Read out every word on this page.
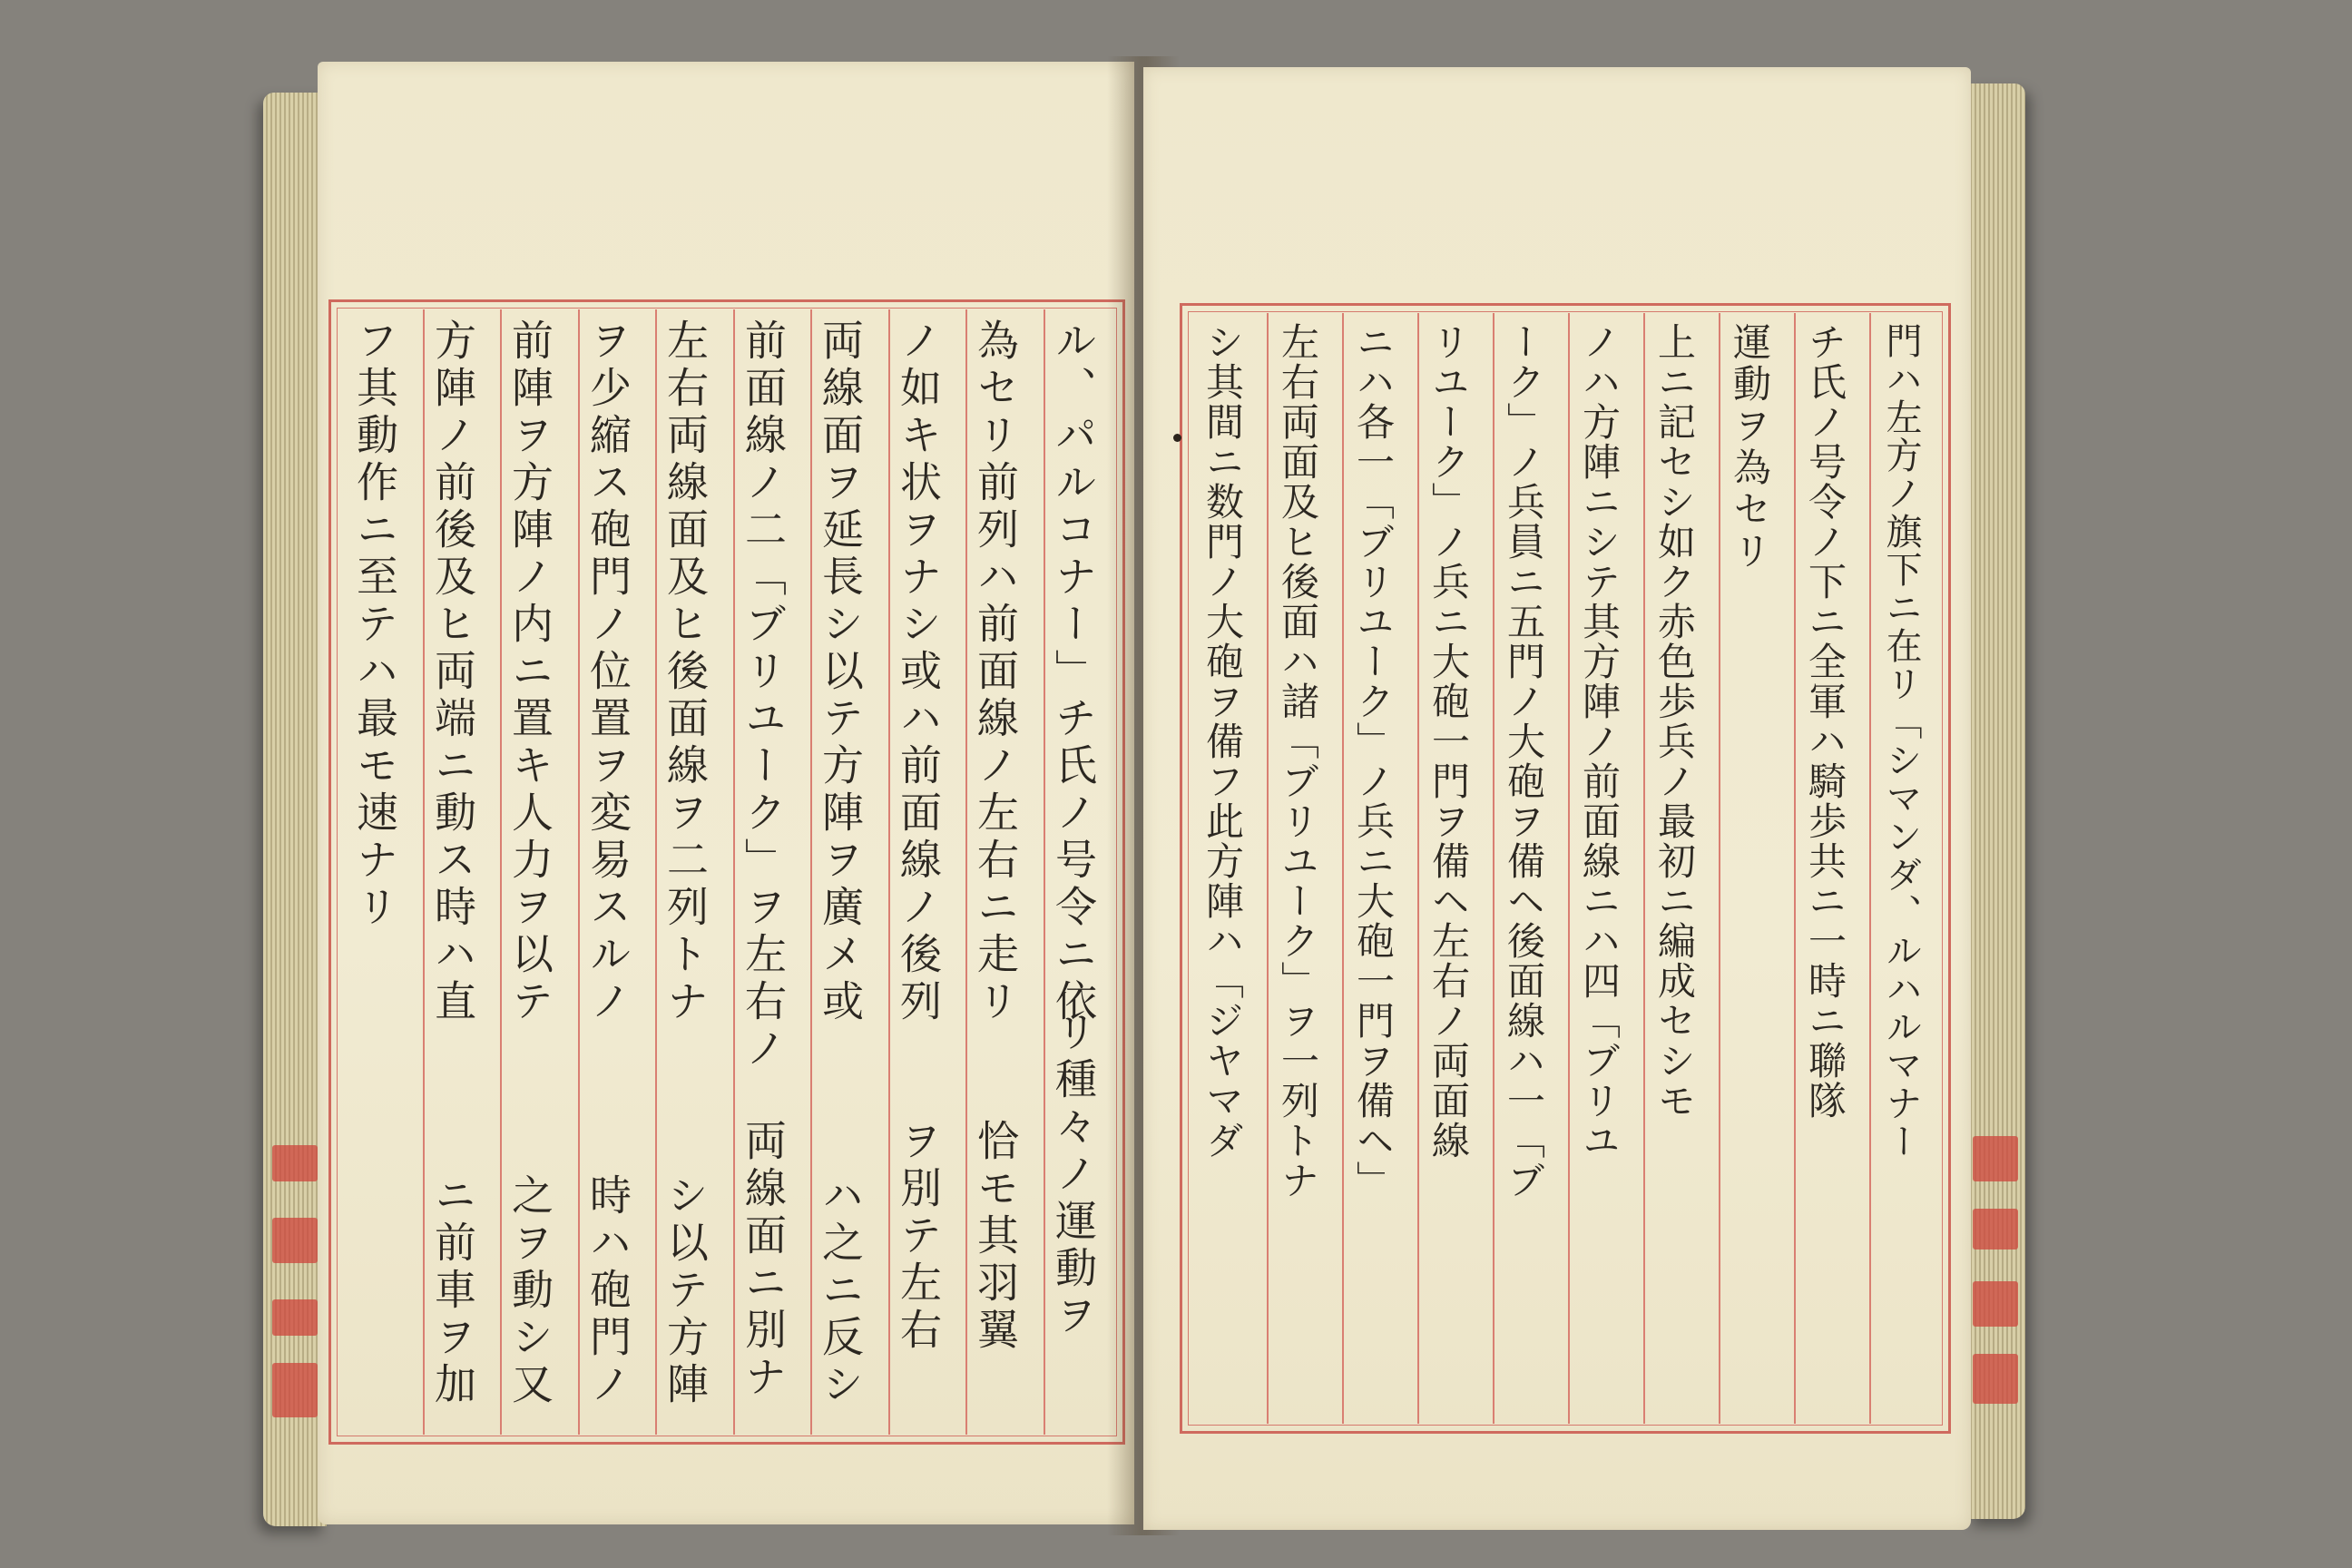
ル、パルコナー」チ氏ノ号令ニ依
為セリ前列ハ前面線ノ左右ニ走リ
ノ如キ状ヲナシ或ハ前面線ノ後列
両線面ヲ延長シ以テ方陣ヲ廣メ或
前面線ノ二「ブリユーク」ヲ左右ノ
左右両線面及ヒ後面線ヲ二列トナ
ヲ少縮ス砲門ノ位置ヲ変易スルノ
前陣ヲ方陣ノ内ニ置キ人力ヲ以テ
方陣ノ前後及ヒ両端ニ動ス時ハ直
フ其動作ニ至テハ最モ速ナリ
リ種々ノ運動ヲ
恰モ其羽翼
ヲ別テ左右
ハ之ニ反シ
両線面ニ別ナ
シ以テ方陣
時ハ砲門ノ
之ヲ動シ又
ニ前車ヲ加
門ハ左方ノ旗下ニ在リ「シマンダ、ルハルマナー
チ氏ノ号令ノ下ニ全軍ハ騎歩共ニ一時ニ聯隊
運動ヲ為セリ
上ニ記セシ如ク赤色歩兵ノ最初ニ編成セシモ
ノハ方陣ニシテ其方陣ノ前面線ニハ四「ブリユ
ーク」ノ兵員ニ五門ノ大砲ヲ備ヘ後面線ハ一「ブ
リユーク」ノ兵ニ大砲一門ヲ備ヘ左右ノ両面線
ニハ各一「ブリユーク」ノ兵ニ大砲一門ヲ備ヘ」
左右両面及ヒ後面ハ諸「ブリユーク」ヲ一列トナ
シ其間ニ数門ノ大砲ヲ備フ此方陣ハ「ジヤマダ
